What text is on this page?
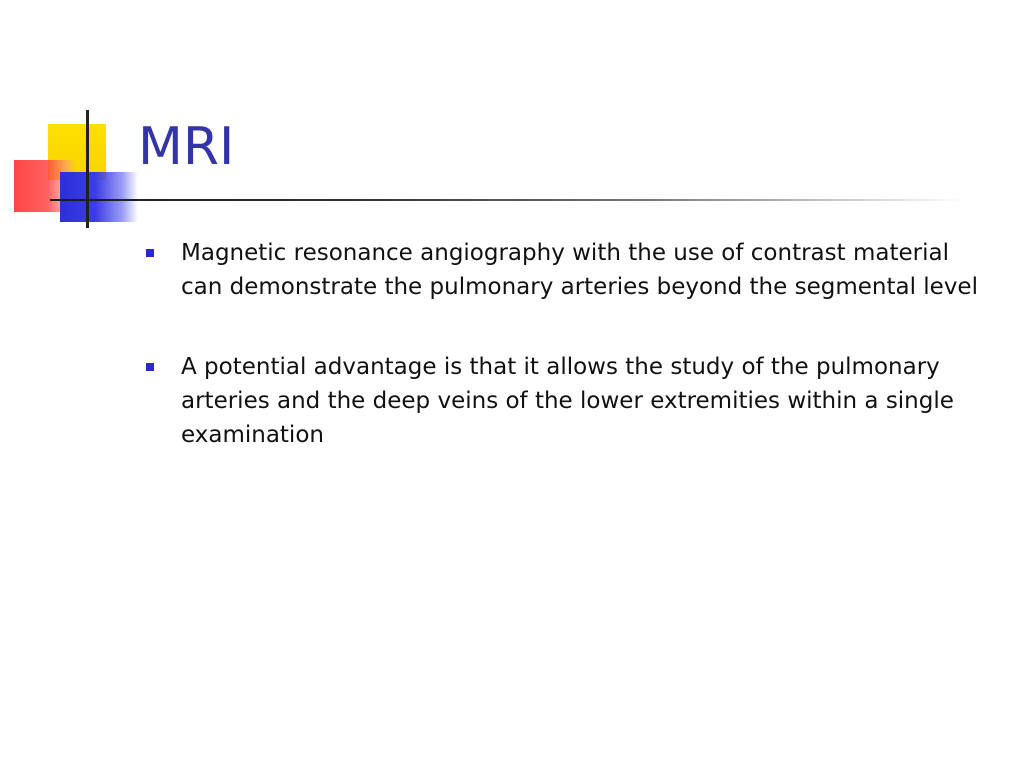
MRI
Magnetic resonance angiography with the use of contrast material can demonstrate the pulmonary arteries beyond the segmental level
A potential advantage is that it allows the study of the pulmonary arteries and the deep veins of the lower extremities within a single examination
